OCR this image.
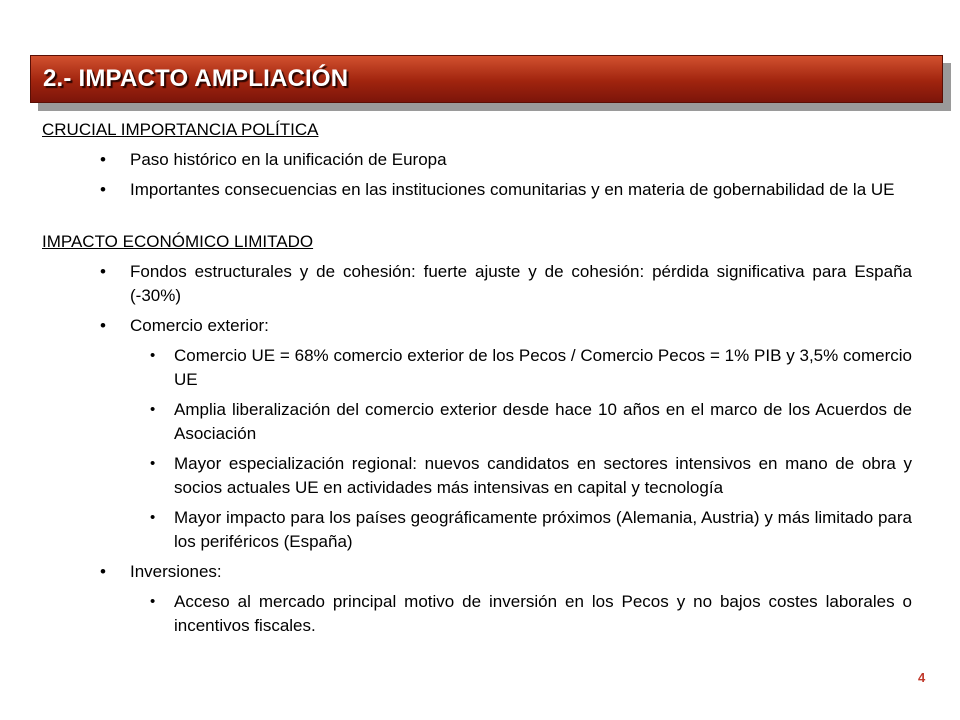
2.- IMPACTO AMPLIACIÓN
CRUCIAL IMPORTANCIA POLÍTICA
• Paso histórico en la unificación de Europa
• Importantes consecuencias en las instituciones comunitarias y en materia de gobernabilidad de la UE
IMPACTO ECONÓMICO LIMITADO
• Fondos estructurales y de cohesión: fuerte ajuste y de cohesión: pérdida significativa para España (-30%)
• Comercio exterior:
• Comercio UE = 68% comercio exterior de los Pecos / Comercio Pecos = 1% PIB y 3,5% comercio UE
• Amplia liberalización del comercio exterior desde hace 10 años en el marco de los Acuerdos de Asociación
• Mayor especialización regional: nuevos candidatos en sectores intensivos en mano de obra y socios actuales UE en actividades más intensivas en capital y tecnología
• Mayor impacto para los países geográficamente próximos (Alemania, Austria) y más limitado para los periféricos (España)
• Inversiones:
• Acceso al mercado principal motivo de inversión en los Pecos y no bajos costes laborales o incentivos fiscales.
4
